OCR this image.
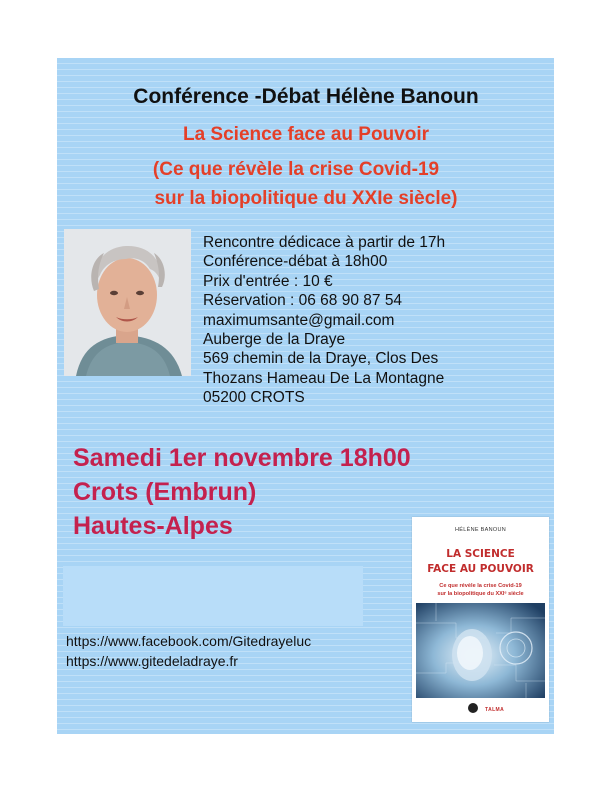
Conférence -Débat Hélène Banoun
La Science face au Pouvoir
(Ce que révèle la crise Covid-19
sur la biopolitique du XXIe siècle)
Rencontre dédicace à partir de 17h
Conférence-débat à 18h00
Prix d'entrée : 10 €
Réservation : 06 68 90 87 54
maximumsante@gmail.com
Auberge de la Draye
569 chemin de la Draye, Clos Des
Thozans Hameau De La Montagne
05200 CROTS
Samedi 1er novembre 18h00
Crots (Embrun)
Hautes-Alpes
https://www.facebook.com/Gitedrayeluc
https://www.gitedeladraye.fr
HÉLÈNE BANOUN
LA SCIENCE
FACE AU POUVOIR
Ce que révèle la crise Covid-19
sur la biopolitique du XXIᵉ siècle
TALMA
